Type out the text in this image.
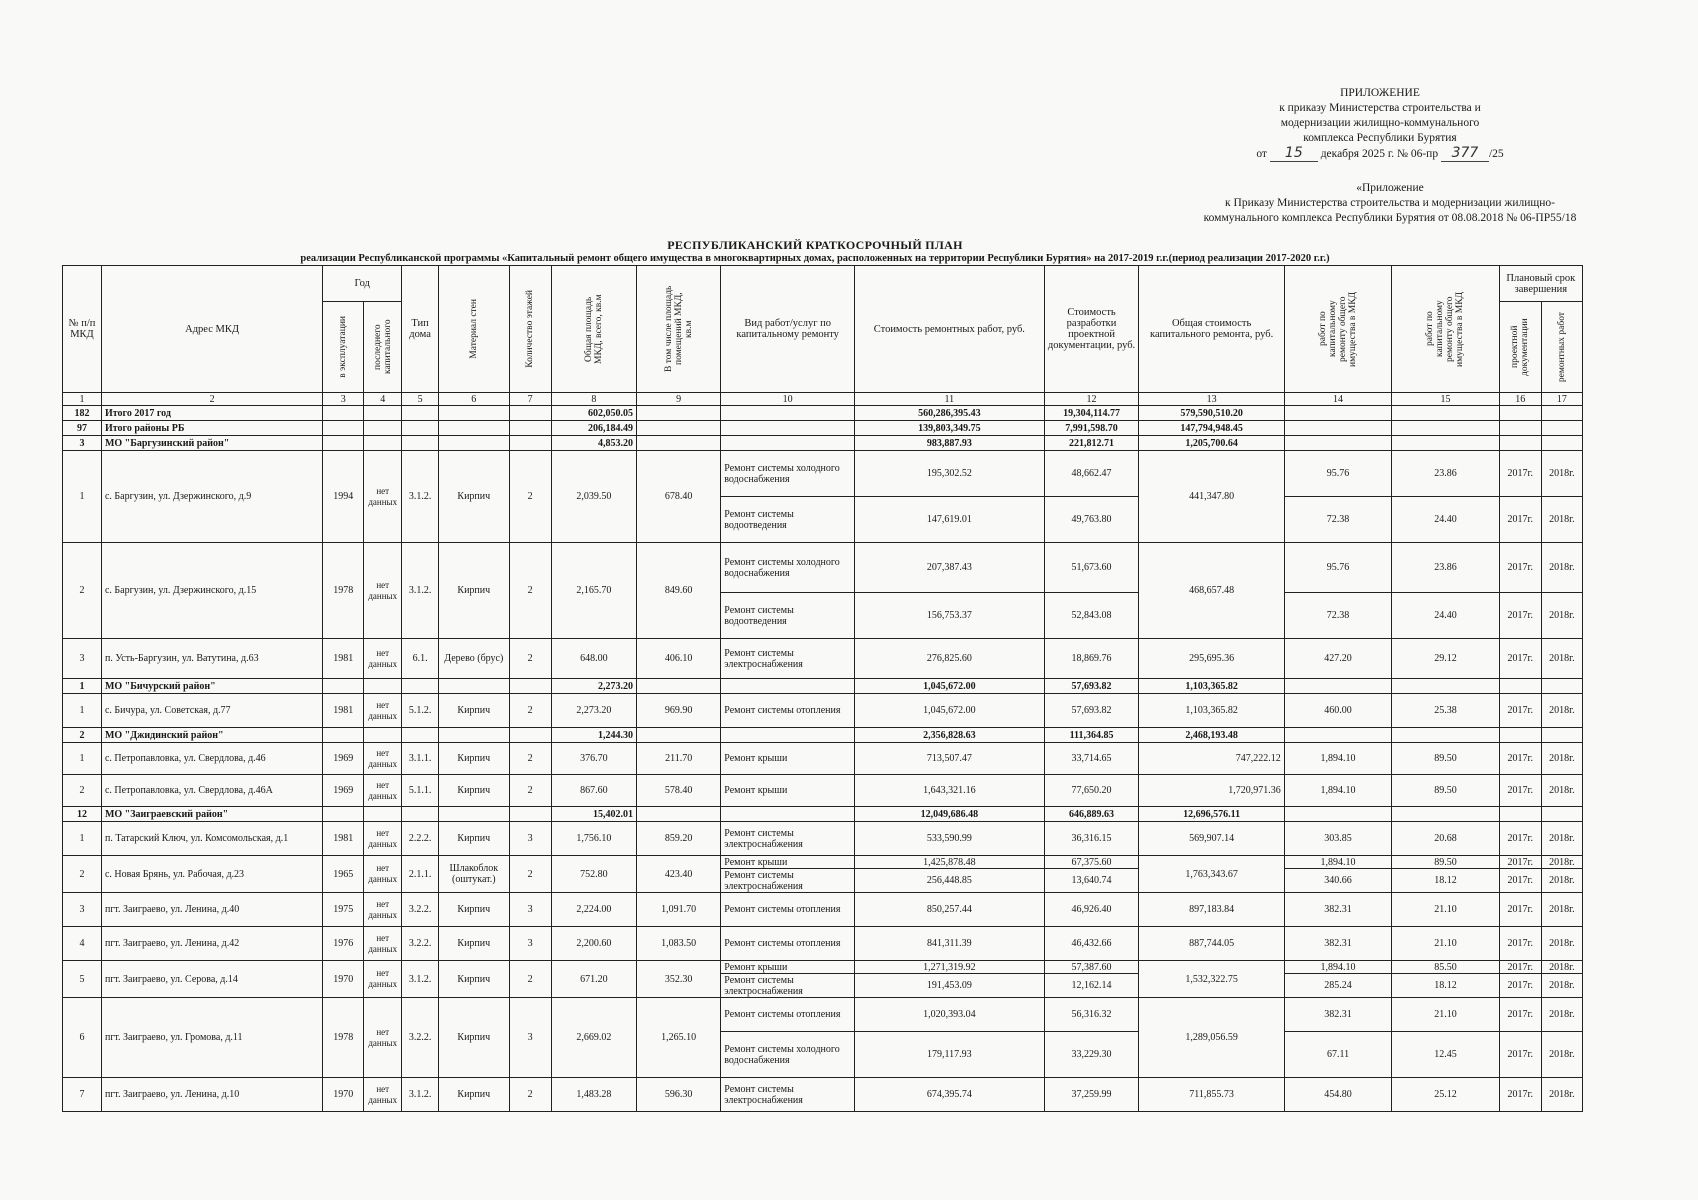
ПРИЛОЖЕНИЕ
к приказу Министерства строительства и
модернизации жилищно-коммунального
комплекса Республики Бурятия
от 15 декабря 2025 г. № 06-пр 377 /25
«Приложение
к Приказу Министерства строительства и модернизации жилищно-
коммунального комплекса Республики Бурятия от 08.08.2018 № 06-ПР55/18
РЕСПУБЛИКАНСКИЙ КРАТКОСРОЧНЫЙ ПЛАН
реализации Республиканской программы «Капитальный ремонт общего имущества в многоквартирных домах, расположенных на территории Республики Бурятия» на 2017-2019 г.г.(период реализации 2017-2020 г.г.)
№ п/п МКД	Адрес МКД	Год		Тип дома	Материал стен	Количество этажей	Общая площадь МКД, всего, кв.м	В том числе площадь помещений МКД, кв.м	Вид работ/услуг по капитальному ремонту	Стоимость ремонтных работ, руб.	Стоимость разработки проектной документации, руб.	Общая стоимость капитального ремонта, руб.	работ по капитальному ремонту общего имущества в МКД	работ по капитальному ремонту общего имущества в МКД	Плановый срок завершения	

		в эксплуатации	последнего капитального												проектной документации	ремонтных работ

1	2	3	4	5	6	7	8	9	10	11	12	13	14	15	16	17
182	Итого 2017 год						602,050.05			560,286,395.43	19,304,114.77	579,590,510.20				
97	Итого районы РБ						206,184.49			139,803,349.75	7,991,598.70	147,794,948.45				
3	МО "Баргузинский район"						4,853.20			983,887.93	221,812.71	1,205,700.64				
1	с. Баргузин, ул. Дзержинского, д.9	1994	нет данных	3.1.2.	Кирпич	2	2,039.50	678.40	Ремонт системы холодного водоснабжения	195,302.52	48,662.47	441,347.80	95.76	23.86	2017г.	2018г.
									Ремонт системы водоотведения	147,619.01	49,763.80		72.38	24.40	2017г.	2018г.
2	с. Баргузин, ул. Дзержинского, д.15	1978	нет данных	3.1.2.	Кирпич	2	2,165.70	849.60	Ремонт системы холодного водоснабжения	207,387.43	51,673.60	468,657.48	95.76	23.86	2017г.	2018г.
									Ремонт системы водоотведения	156,753.37	52,843.08		72.38	24.40	2017г.	2018г.
3	п. Усть-Баргузин, ул. Ватутина, д.63	1981	нет данных	6.1.	Дерево (брус)	2	648.00	406.10	Ремонт системы электроснабжения	276,825.60	18,869.76	295,695.36	427.20	29.12	2017г.	2018г.
1	МО "Бичурский район"						2,273.20			1,045,672.00	57,693.82	1,103,365.82				
1	с. Бичура, ул. Советская, д.77	1981	нет данных	5.1.2.	Кирпич	2	2,273.20	969.90	Ремонт системы отопления	1,045,672.00	57,693.82	1,103,365.82	460.00	25.38	2017г.	2018г.
2	МО "Джидинский район"						1,244.30			2,356,828.63	111,364.85	2,468,193.48				
1	с. Петропавловка, ул. Свердлова, д.46	1969	нет данных	3.1.1.	Кирпич	2	376.70	211.70	Ремонт крыши	713,507.47	33,714.65	747,222.12	1,894.10	89.50	2017г.	2018г.
2	с. Петропавловка, ул. Свердлова, д.46А	1969	нет данных	5.1.1.	Кирпич	2	867.60	578.40	Ремонт крыши	1,643,321.16	77,650.20	1,720,971.36	1,894.10	89.50	2017г.	2018г.
12	МО "Заиграевский район"						15,402.01			12,049,686.48	646,889.63	12,696,576.11				
1	п. Татарский Ключ, ул. Комсомольская, д.1	1981	нет данных	2.2.2.	Кирпич	3	1,756.10	859.20	Ремонт системы электроснабжения	533,590.99	36,316.15	569,907.14	303.85	20.68	2017г.	2018г.
2	с. Новая Брянь, ул. Рабочая, д.23	1965	нет данных	2.1.1.	Шлакоблок (оштукат.)	2	752.80	423.40	Ремонт крыши	1,425,878.48	67,375.60	1,763,343.67	1,894.10	89.50	2017г.	2018г.
									Ремонт системы электроснабжения	256,448.85	13,640.74		340.66	18.12	2017г.	2018г.
3	пгт. Заиграево, ул. Ленина, д.40	1975	нет данных	3.2.2.	Кирпич	3	2,224.00	1,091.70	Ремонт системы отопления	850,257.44	46,926.40	897,183.84	382.31	21.10	2017г.	2018г.
4	пгт. Заиграево, ул. Ленина, д.42	1976	нет данных	3.2.2.	Кирпич	3	2,200.60	1,083.50	Ремонт системы отопления	841,311.39	46,432.66	887,744.05	382.31	21.10	2017г.	2018г.
5	пгт. Заиграево, ул. Серова, д.14	1970	нет данных	3.1.2.	Кирпич	2	671.20	352.30	Ремонт крыши	1,271,319.92	57,387.60	1,532,322.75	1,894.10	85.50	2017г.	2018г.
									Ремонт системы электроснабжения	191,453.09	12,162.14		285.24	18.12	2017г.	2018г.
6	пгт. Заиграево, ул. Громова, д.11	1978	нет данных	3.2.2.	Кирпич	3	2,669.02	1,265.10	Ремонт системы отопления	1,020,393.04	56,316.32	1,289,056.59	382.31	21.10	2017г.	2018г.
									Ремонт системы холодного водоснабжения	179,117.93	33,229.30		67.11	12.45	2017г.	2018г.
7	пгт. Заиграево, ул. Ленина, д.10	1970	нет данных	3.1.2.	Кирпич	2	1,483.28	596.30	Ремонт системы электроснабжения	674,395.74	37,259.99	711,855.73	454.80	25.12	2017г.	2018г.
